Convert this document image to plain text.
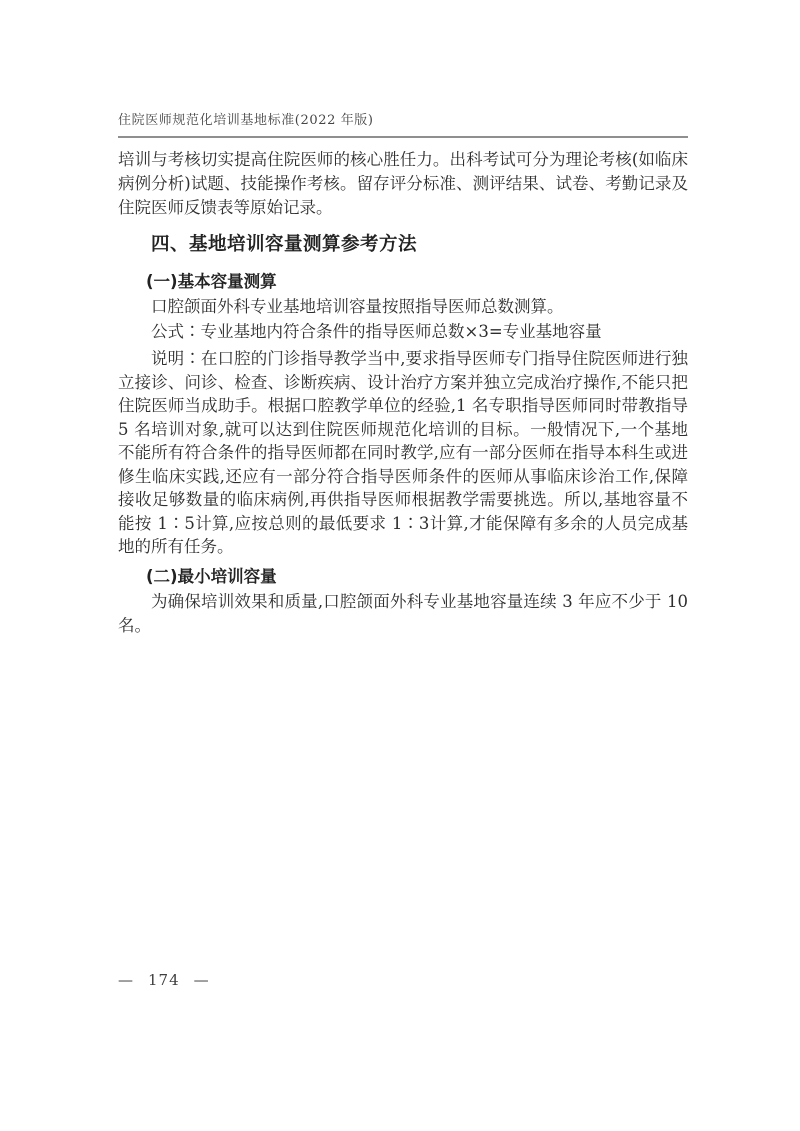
住院医师规范化培训基地标准(2022 年版)

培训与考核切实提高住院医师的核心胜任力。出科考试可分为理论考核(如临床病例分析)试题、技能操作考核。留存评分标准、测评结果、试卷、考勤记录及住院医师反馈表等原始记录。

四、基地培训容量测算参考方法
(一)基本容量测算

口腔颌面外科专业基地培训容量按照指导医师总数测算。

公式∶专业基地内符合条件的指导医师总数×3=专业基地容量

说明∶在口腔的门诊指导教学当中,要求指导医师专门指导住院医师进行独立接诊、问诊、检查、诊断疾病、设计治疗方案并独立完成治疗操作,不能只把住院医师当成助手。根据口腔教学单位的经验,1 名专职指导医师同时带教指导 5 名培训对象,就可以达到住院医师规范化培训的目标。一般情况下,一个基地不能所有符合条件的指导医师都在同时教学,应有一部分医师在指导本科生或进修生临床实践,还应有一部分符合指导医师条件的医师从事临床诊治工作,保障接收足够数量的临床病例,再供指导医师根据教学需要挑选。所以,基地容量不能按 1∶5计算,应按总则的最低要求 1∶3计算,才能保障有多余的人员完成基地的所有任务。

(二)最小培训容量

为确保培训效果和质量,口腔颌面外科专业基地容量连续 3 年应不少于 10 名。

— 174 —
